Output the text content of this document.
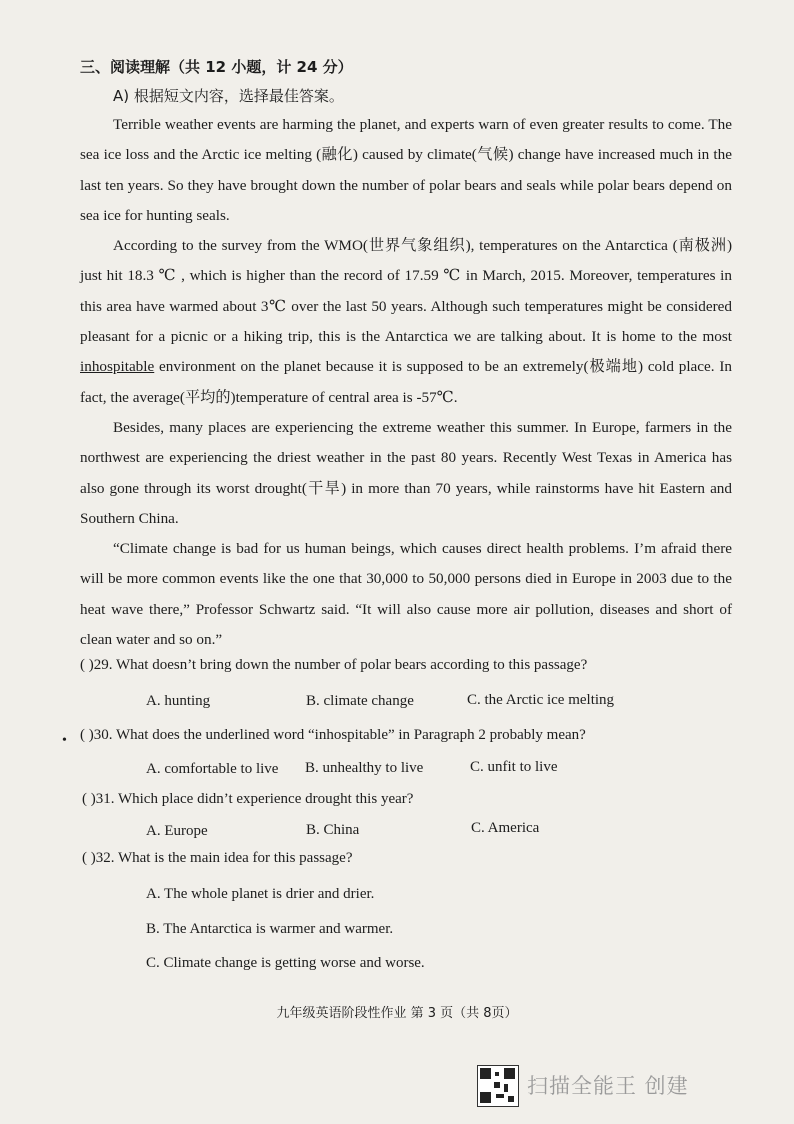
三、阅读理解（共 12 小题，计 24 分）
A) 根据短文内容，选择最佳答案。

Terrible weather events are harming the planet, and experts warn of even greater results to come. The sea ice loss and the Arctic ice melting (融化) caused by climate(气候) change have increased much in the last ten years. So they have brought down the number of polar bears and seals while polar bears depend on sea ice for hunting seals.

According to the survey from the WMO(世界气象组织), temperatures on the Antarctica (南极洲) just hit 18.3 ℃ , which is higher than the record of 17.59 ℃ in March, 2015. Moreover, temperatures in this area have warmed about 3℃ over the last 50 years. Although such temperatures might be considered pleasant for a picnic or a hiking trip, this is the Antarctica we are talking about. It is home to the most inhospitable environment on the planet because it is supposed to be an extremely(极端地) cold place. In fact, the average(平均的)temperature of central area is -57℃.

Besides, many places are experiencing the extreme weather this summer. In Europe, farmers in the northwest are experiencing the driest weather in the past 80 years. Recently West Texas in America has also gone through its worst drought(干旱) in more than 70 years, while rainstorms have hit Eastern and Southern China.

“Climate change is bad for us human beings, which causes direct health problems. I’m afraid there will be more common events like the one that 30,000 to 50,000 persons died in Europe in 2003 due to the heat wave there,” Professor Schwartz said. “It will also cause more air pollution, diseases and short of clean water and so on.”

( )29. What doesn’t bring down the number of polar bears according to this passage?
A. hunting	B. climate change	C. the Arctic ice melting
• ( )30. What does the underlined word “inhospitable” in Paragraph 2 probably mean?
A. comfortable to live B. unhealthy to live	C. unfit to live
( )31. Which place didn’t experience drought this year?
A. Europe	B. China	C. America
( )32. What is the main idea for this passage?
A. The whole planet is drier and drier.
B. The Antarctica is warmer and warmer.
C. Climate change is getting worse and worse.
九年级英语阶段性作业 第 3 页（共 8页）
扫描全能王 创建
